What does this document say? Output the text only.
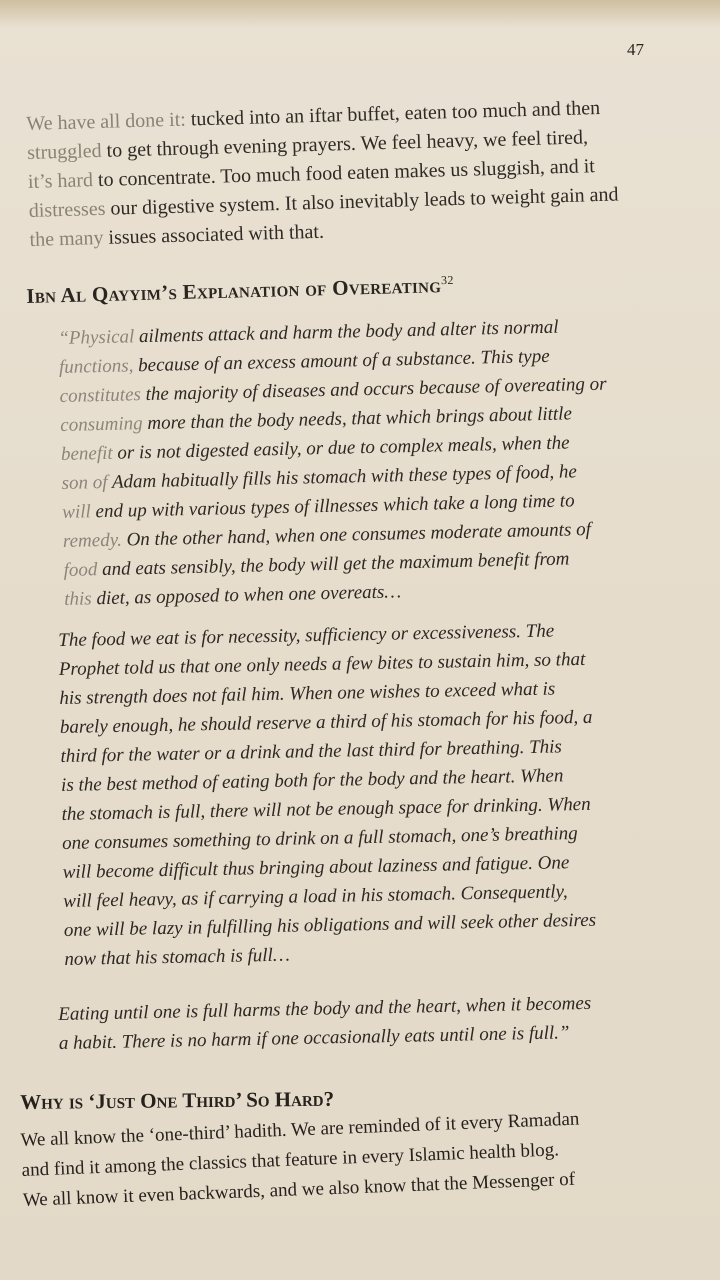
47

We have all done it: tucked into an iftar buffet, eaten too much and then
struggled to get through evening prayers. We feel heavy, we feel tired,
it’s hard to concentrate. Too much food eaten makes us sluggish, and it
distresses our digestive system. It also inevitably leads to weight gain and
the many issues associated with that.

Ibn Al Qayyim’s Explanation of Overeating$^{32}$

“Physical ailments attack and harm the body and alter its normal
functions, because of an excess amount of a substance. This type
constitutes the majority of diseases and occurs because of overeating or
consuming more than the body needs, that which brings about little
benefit or is not digested easily, or due to complex meals, when the
son of Adam habitually fills his stomach with these types of food, he
will end up with various types of illnesses which take a long time to
remedy. On the other hand, when one consumes moderate amounts of
food and eats sensibly, the body will get the maximum benefit from
this diet, as opposed to when one overeats…

The food we eat is for necessity, sufficiency or excessiveness. The
Prophet told us that one only needs a few bites to sustain him, so that
his strength does not fail him. When one wishes to exceed what is
barely enough, he should reserve a third of his stomach for his food, a
third for the water or a drink and the last third for breathing. This
is the best method of eating both for the body and the heart. When
the stomach is full, there will not be enough space for drinking. When
one consumes something to drink on a full stomach, one’s breathing
will become difficult thus bringing about laziness and fatigue. One
will feel heavy, as if carrying a load in his stomach. Consequently,
one will be lazy in fulfilling his obligations and will seek other desires
now that his stomach is full…

Eating until one is full harms the body and the heart, when it becomes
a habit. There is no harm if one occasionally eats until one is full.”

Why is ‘Just One Third’ So Hard?

We all know the ‘one-third’ hadith. We are reminded of it every Ramadan
and find it among the classics that feature in every Islamic health blog.
We all know it even backwards, and we also know that the Messenger of
